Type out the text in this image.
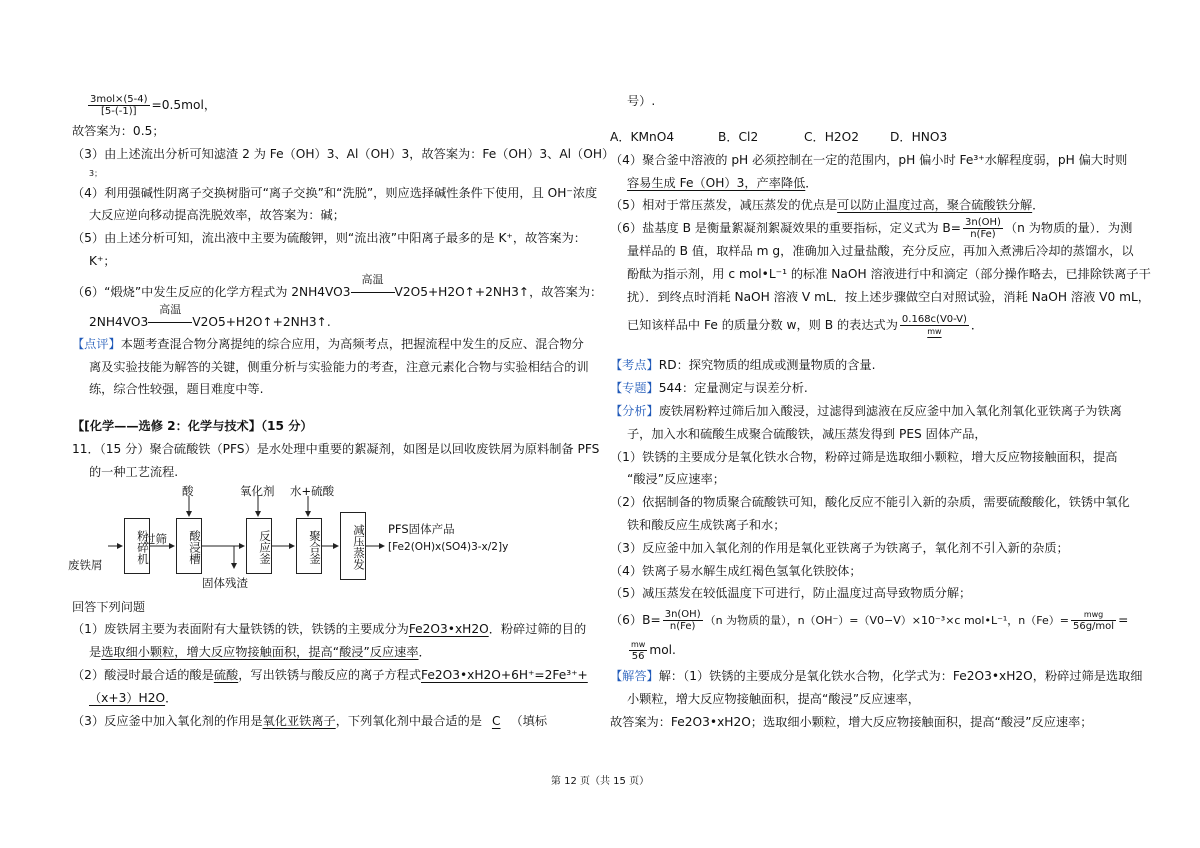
$\frac{\text{3mol×(5-4)}}{[5-(-1)]} =0.5mol$，
故答案为：0.5；
（3）由上述流出分析可知滤渣 2 为 Fe（OH）3、Al（OH）3，故答案为：Fe（OH）3、Al（OH）
3；
（4）利用强碱性阴离子交换树脂可“离子交换”和“洗脱”，则应选择碱性条件下使用，且 OH⁻浓度
大反应逆向移动提高洗脱效率，故答案为：碱；
（5）由上述分析可知，流出液中主要为硫酸钾，则“流出液”中阳离子最多的是 K⁺，故答案为：
K⁺；
（6）“煅烧”中发生反应的化学方程式为 2NH4VO3
高温
V2O5+H2O↑+2NH3↑，故答案为：
2NH4VO3
高温
V2O5+H2O↑+2NH3↑.
【点评】本题考查混合物分离提纯的综合应用，为高频考点，把握流程中发生的反应、混合物分
离及实验技能为解答的关键，侧重分析与实验能力的考查，注意元素化合物与实验相结合的训
练，综合性较强，题目难度中等.
【[化学——选修 2：化学与技术】（15 分）
11．（15 分）聚合硫酸铁（PFS）是水处理中重要的絮凝剂，如图是以回收废铁屑为原料制备 PFS
的一种工艺流程.
废铁屑
粉碎机
过筛
酸
酸浸槽
固体残渣
氧化剂
反应釜
水+硫酸
聚合釜	减压蒸发 PFS固体产品
[Fe2(OH)x(SO4)3-x/2]y
回答下列问题
（1）废铁屑主要为表面附有大量铁锈的铁，铁锈的主要成分为Fe2O3•xH2O．粉碎过筛的目的
是选取细小颗粒，增大反应物接触面积，提高“酸浸”反应速率．
（2）酸浸时最合适的酸是硫酸，写出铁锈与酸反应的离子方程式Fe2O3•xH2O+6H⁺=2Fe³⁺+
（x+3）H2O．
（3）反应釜中加入氧化剂的作用是氧化亚铁离子，下列氧化剂中最合适的是 C （填标
号）.
A．KMnO4	B．Cl2	C．H2O2	D．HNO3
（4）聚合釜中溶液的 pH 必须控制在一定的范围内，pH 偏小时 Fe³⁺水解程度弱，pH 偏大时则
容易生成 Fe（OH）3，产率降低．
（5）相对于常压蒸发，减压蒸发的优点是可以防止温度过高，聚合硫酸铁分解．
（6）盐基度 B 是衡量絮凝剂絮凝效果的重要指标，定义式为 $B= \frac{3n(OH)}{n(Fe)} (n$ 为物质的量）．为测
量样品的 B 值，取样品 m g，准确加入过量盐酸，充分反应，再加入煮沸后冷却的蒸馏水，以
酚酞为指示剂，用 c mol•L⁻¹ 的标准 NaOH 溶液进行中和滴定（部分操作略去，已排除铁离子干
扰）．到终点时消耗 NaOH 溶液 V mL．按上述步骤做空白对照试验，消耗 NaOH 溶液 V0 mL，
已知该样品中 Fe 的质量分数 w，则 B 的表达式为 $\frac{0.168c(V0-V)}{mw}$ ．
【考点】RD：探究物质的组成或测量物质的含量.
【专题】544：定量测定与误差分析.
【分析】废铁屑粉粹过筛后加入酸浸，过滤得到滤液在反应釜中加入氧化剂氧化亚铁离子为铁离
子，加入水和硫酸生成聚合硫酸铁，减压蒸发得到 PES 固体产品，
（1）铁锈的主要成分是氧化铁水合物，粉碎过筛是选取细小颗粒，增大反应物接触面积，提高
“酸浸”反应速率；
（2）依据制备的物质聚合硫酸铁可知，酸化反应不能引入新的杂质，需要硫酸酸化，铁锈中氧化
铁和酸反应生成铁离子和水；
（3）反应釜中加入氧化剂的作用是氧化亚铁离子为铁离子，氧化剂不引入新的杂质；
（4）铁离子易水解生成红褐色氢氧化铁胶体；
（5）减压蒸发在较低温度下可进行，防止温度过高导致物质分解；
$(6)B= \frac{3n(OH)}{n(Fe)} (n$ 为物质的量），n（OH⁻）=（V0−V）×10⁻³×c mol•L⁻¹，$n(Fe)= \frac{\text{mwg}}{\text{56g/mol}}$ =
$\frac{mw}{56}$ mol.
【解答】解：（1）铁锈的主要成分是氧化铁水合物，化学式为：Fe2O3•xH2O，粉碎过筛是选取细
小颗粒，增大反应物接触面积，提高“酸浸”反应速率，
故答案为：Fe2O3•xH2O；选取细小颗粒，增大反应物接触面积，提高“酸浸”反应速率；
第 12 页（共 15 页）
